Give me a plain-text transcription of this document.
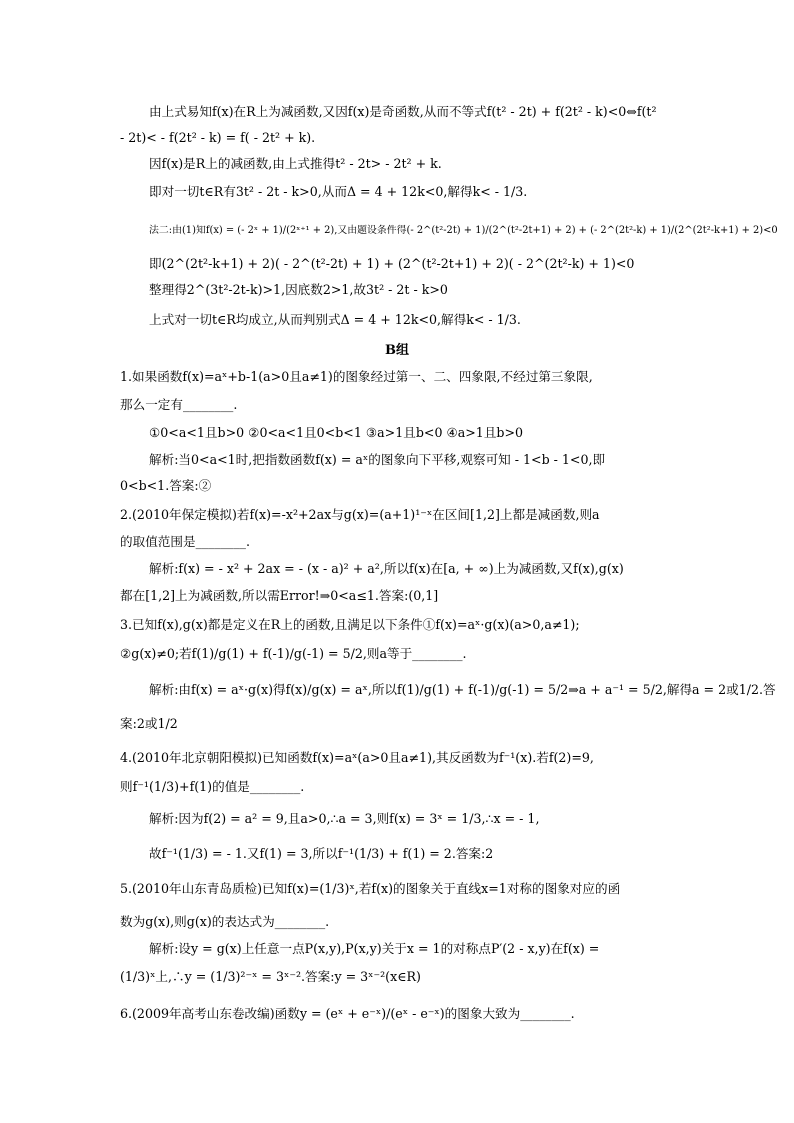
由上式易知f(x)在R上为减函数,又因f(x)是奇函数,从而不等式f(t² - 2t) + f(2t² - k)<0⇔f(t²
- 2t)< - f(2t² - k) = f( - 2t² + k).
因f(x)是R上的减函数,由上式推得t² - 2t> - 2t² + k.
即对一切t∈R有3t² - 2t - k>0,从而Δ = 4 + 12k<0,解得k< - 1/3.
法二:由(1)知f(x) = (- 2ˣ + 1)/(2ˣ⁺¹ + 2),又由题设条件得(- 2^(t²-2t) + 1)/(2^(t²-2t+1) + 2) + (- 2^(2t²-k) + 1)/(2^(2t²-k+1) + 2)<0
即(2^(2t²-k+1) + 2)( - 2^(t²-2t) + 1) + (2^(t²-2t+1) + 2)( - 2^(2t²-k) + 1)<0
整理得2^(3t²-2t-k)>1,因底数2>1,故3t² - 2t - k>0
上式对一切t∈R均成立,从而判别式Δ = 4 + 12k<0,解得k< - 1/3.
1.如果函数f(x)=aˣ+b-1(a>0且a≠1)的图象经过第一、二、四象限,不经过第三象限,
那么一定有________.
①0<a<1且b>0 ②0<a<1且0<b<1 ③a>1且b<0 ④a>1且b>0
解析:当0<a<1时,把指数函数f(x) = aˣ的图象向下平移,观察可知 - 1<b - 1<0,即
0<b<1.答案:②
2.(2010年保定模拟)若f(x)=-x²+2ax与g(x)=(a+1)¹⁻ˣ在区间[1,2]上都是减函数,则a
的取值范围是________.
解析:f(x) = - x² + 2ax = - (x - a)² + a²,所以f(x)在[a, + ∞)上为减函数,又f(x),g(x)
都在[1,2]上为减函数,所以需Error!⇒0<a≤1.答案:(0,1]
3.已知f(x),g(x)都是定义在R上的函数,且满足以下条件①f(x)=aˣ·g(x)(a>0,a≠1);
②g(x)≠0;若f(1)/g(1) + f(-1)/g(-1) = 5/2,则a等于________.
解析:由f(x) = aˣ·g(x)得f(x)/g(x) = aˣ,所以f(1)/g(1) + f(-1)/g(-1) = 5/2⇒a + a⁻¹ = 5/2,解得a = 2或1/2.答
案:2或1/2
4.(2010年北京朝阳模拟)已知函数f(x)=aˣ(a>0且a≠1),其反函数为f⁻¹(x).若f(2)=9,
则f⁻¹(1/3)+f(1)的值是________.
解析:因为f(2) = a² = 9,且a>0,∴a = 3,则f(x) = 3ˣ = 1/3,∴x = - 1,
故f⁻¹(1/3) = - 1.又f(1) = 3,所以f⁻¹(1/3) + f(1) = 2.答案:2
5.(2010年山东青岛质检)已知f(x)=(1/3)ˣ,若f(x)的图象关于直线x=1对称的图象对应的函
数为g(x),则g(x)的表达式为________.
解析:设y = g(x)上任意一点P(x,y),P(x,y)关于x = 1的对称点P′(2 - x,y)在f(x) =
(1/3)ˣ上,∴y = (1/3)²⁻ˣ = 3ˣ⁻².答案:y = 3ˣ⁻²(x∈R)
6.(2009年高考山东卷改编)函数y = (eˣ + e⁻ˣ)/(eˣ - e⁻ˣ)的图象大致为________.
B组
